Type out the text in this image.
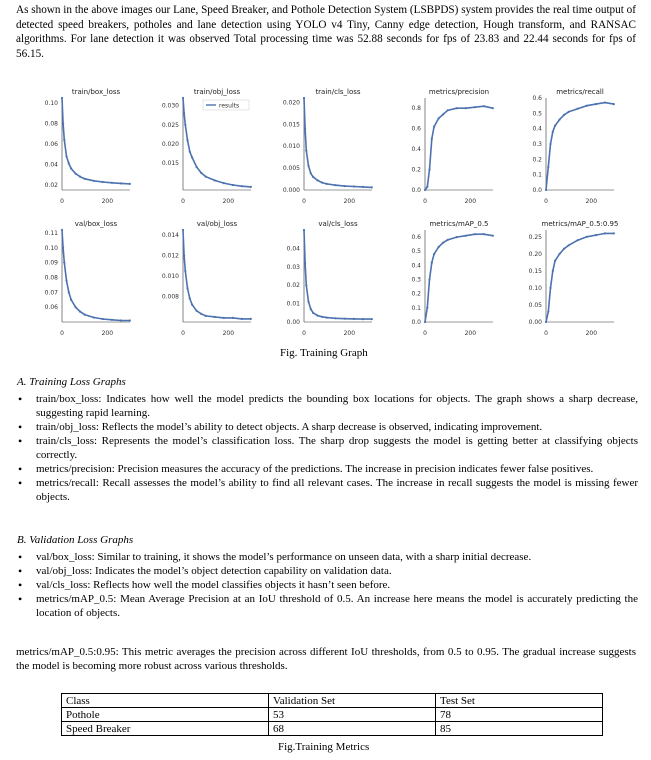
As shown in the above images our Lane, Speed Breaker, and Pothole Detection System (LSBPDS) system provides the real time output of detected speed breakers, potholes and lane detection using YOLO v4 Tiny, Canny edge detection, Hough transform, and RANSAC algorithms. For lane detection it was observed Total processing time was 52.88 seconds for fps of 23.83 and 22.44 seconds for fps of 56.15.

train/box_loss
0.10
0.08
0.06
0.04
0.02
0	200
train/obj_loss
0.030
0.025
0.020
0.015
0	200
results
train/cls_loss
0.020
0.015
0.010
0.005
0.000
0	200
metrics/precision
0.8
0.6
0.4
0.2
0.0
0	200
metrics/recall
0.6
0.5
0.4
0.3
0.2
0.1
0.0
0	200
val/box_loss
0.11
0.10
0.09
0.08
0.07
0.06
0	200
val/obj_loss
0.014
0.012
0.010
0.008
0	200
val/cls_loss
0.04
0.03
0.02
0.01
0.00
0	200
metrics/mAP_0.5
0.6
0.5
0.4
0.3
0.2
0.1
0.0
0	200
metrics/mAP_0.5:0.95
0.25
0.20
0.15
0.10
0.05
0.00
0	200
Fig. Training Graph

A. Training Loss Graphs

• train/box_loss: Indicates how well the model predicts the bounding box locations for objects. The graph shows a sharp decrease, suggesting rapid learning.
• train/obj_loss: Reflects the model’s ability to detect objects. A sharp decrease is observed, indicating improvement.
• train/cls_loss: Represents the model’s classification loss. The sharp drop suggests the model is getting better at classifying objects correctly.
• metrics/precision: Precision measures the accuracy of the predictions. The increase in precision indicates fewer false positives.
• metrics/recall: Recall assesses the model’s ability to find all relevant cases. The increase in recall suggests the model is missing fewer objects.

B. Validation Loss Graphs

• val/box_loss: Similar to training, it shows the model’s performance on unseen data, with a sharp initial decrease.
• val/obj_loss: Indicates the model’s object detection capability on validation data.
• val/cls_loss: Reflects how well the model classifies objects it hasn’t seen before.
• metrics/mAP_0.5: Mean Average Precision at an IoU threshold of 0.5. An increase here means the model is accurately predicting the location of objects.

metrics/mAP_0.5:0.95: This metric averages the precision across different IoU thresholds, from 0.5 to 0.95. The gradual increase suggests the model is becoming more robust across various thresholds.

Class	Validation Set	Test Set
Pothole	53	78
Speed Breaker	68	85
Fig.Training Metrics
